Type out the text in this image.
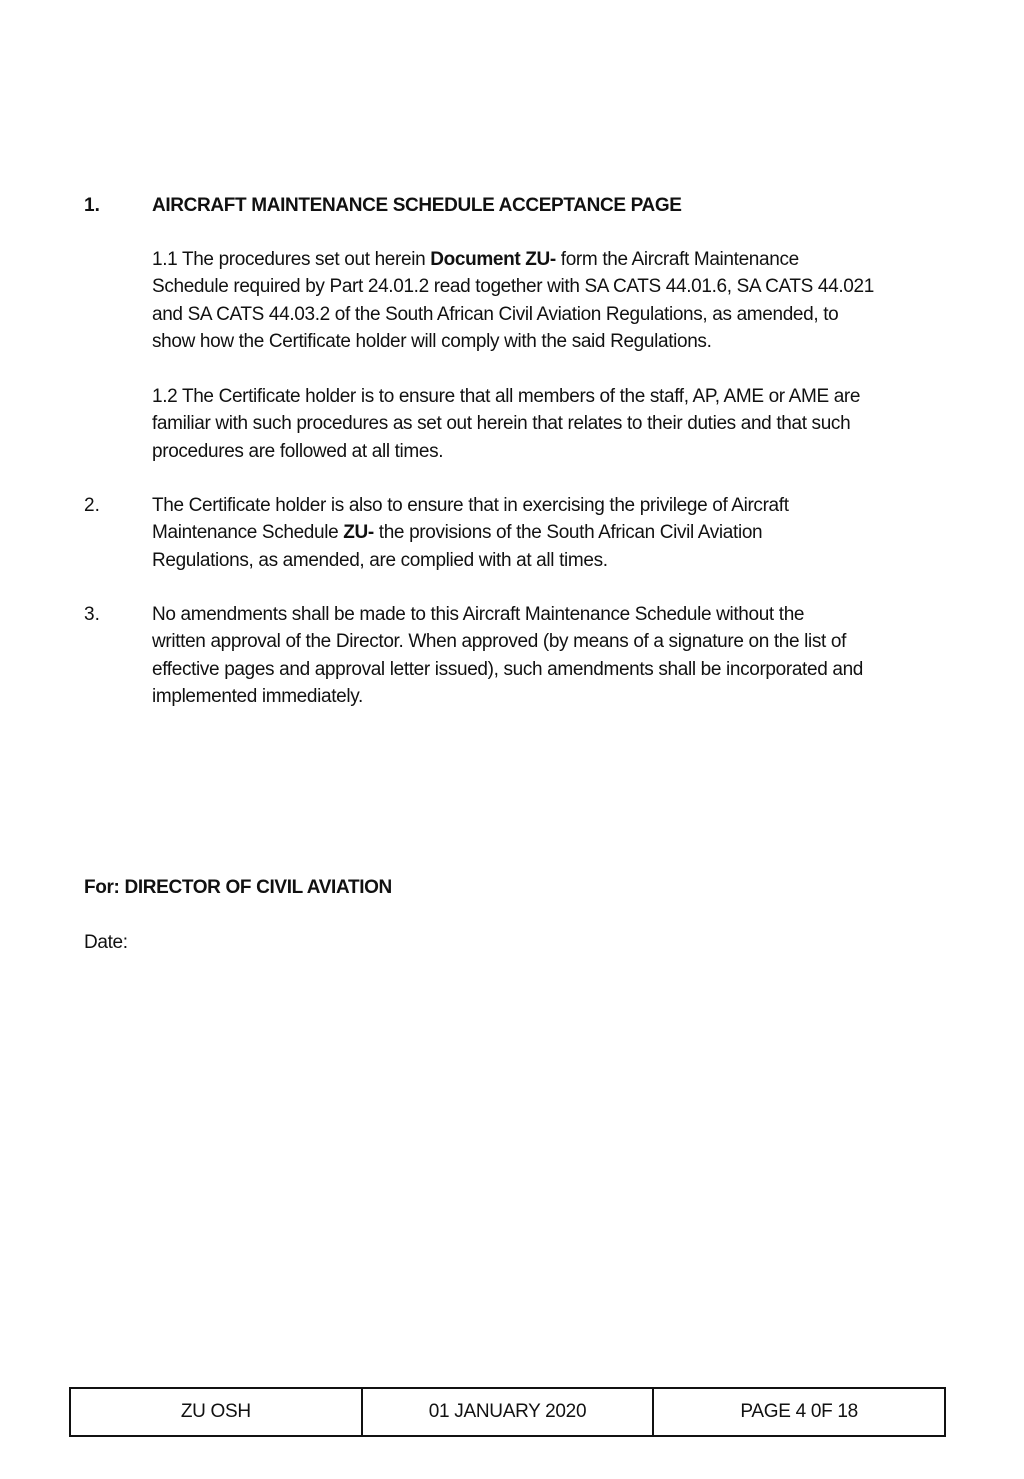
1.	AIRCRAFT MAINTENANCE SCHEDULE ACCEPTANCE PAGE
1.1 The procedures set out herein Document ZU- form the Aircraft Maintenance
Schedule required by Part 24.01.2 read together with SA CATS 44.01.6, SA CATS 44.021
and SA CATS 44.03.2 of the South African Civil Aviation Regulations, as amended, to
show how the Certificate holder will comply with the said Regulations.
1.2 The Certificate holder is to ensure that all members of the staff, AP, AME or AME are
familiar with such procedures as set out herein that relates to their duties and that such
procedures are followed at all times.
2.	The Certificate holder is also to ensure that in exercising the privilege of Aircraft
Maintenance Schedule ZU- the provisions of the South African Civil Aviation
Regulations, as amended, are complied with at all times.
3.	No amendments shall be made to this Aircraft Maintenance Schedule without the
written approval of the Director. When approved (by means of a signature on the list of
effective pages and approval letter issued), such amendments shall be incorporated and
implemented immediately.
For: DIRECTOR OF CIVIL AVIATION
Date:
ZU OSH	01 JANUARY 2020	PAGE 4 0F 18
